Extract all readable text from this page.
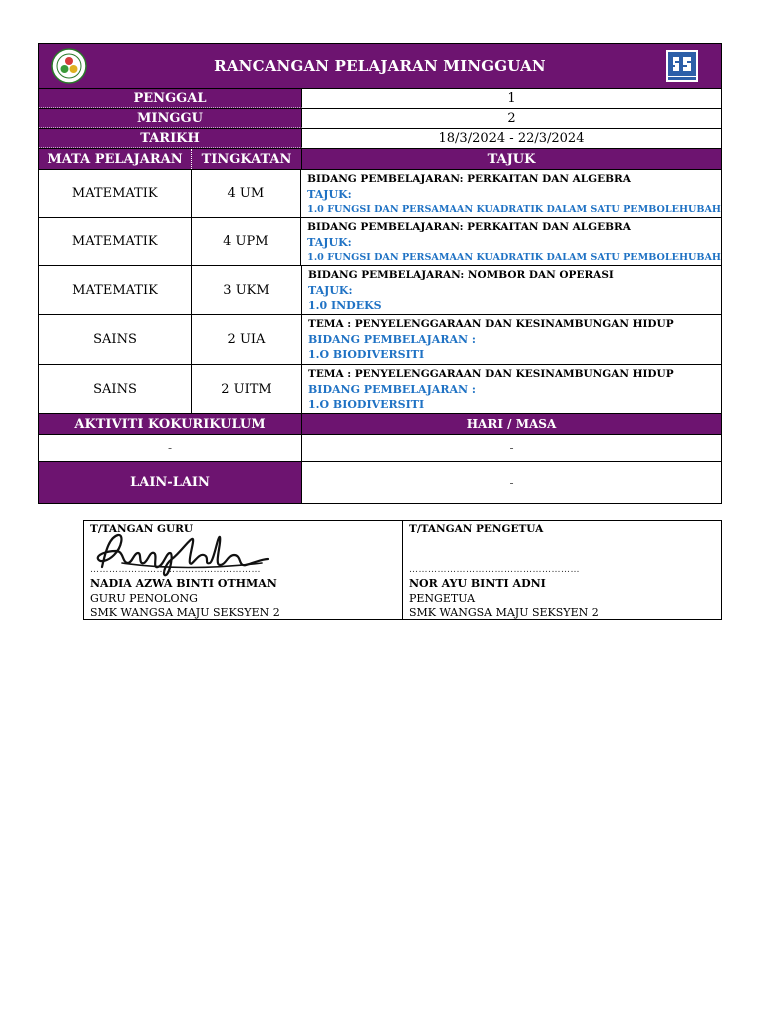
RANCANGAN PELAJARAN MINGGUAN
PENGGAL	1
MINGGU	2
TARIKH	18/3/2024 - 22/3/2024
MATA PELAJARAN	TINGKATAN	TAJUK
MATEMATIK	4 UM
BIDANG PEMBELAJARAN: PERKAITAN DAN ALGEBRA
TAJUK:
1.0 FUNGSI DAN PERSAMAAN KUADRATIK DALAM SATU PEMBOLEHUBAH
MATEMATIK	4 UPM
BIDANG PEMBELAJARAN: PERKAITAN DAN ALGEBRA
TAJUK:
1.0 FUNGSI DAN PERSAMAAN KUADRATIK DALAM SATU PEMBOLEHUBAH
MATEMATIK	3 UKM
BIDANG PEMBELAJARAN: NOMBOR DAN OPERASI
TAJUK:
1.0 INDEKS
SAINS	2 UIA
TEMA : PENYELENGGARAAN DAN KESINAMBUNGAN HIDUP
BIDANG PEMBELAJARAN :
1.O BIODIVERSITI
SAINS	2 UITM
TEMA : PENYELENGGARAAN DAN KESINAMBUNGAN HIDUP
BIDANG PEMBELAJARAN :
1.O BIODIVERSITI
AKTIVITI KOKURIKULUM	HARI / MASA
-	-
LAIN-LAIN	-
T/TANGAN GURU
………………………………………………
NADIA AZWA BINTI OTHMAN
GURU PENOLONG
SMK WANGSA MAJU SEKSYEN 2
T/TANGAN PENGETUA
………………………………………………
NOR AYU BINTI ADNI
PENGETUA
SMK WANGSA MAJU SEKSYEN 2
